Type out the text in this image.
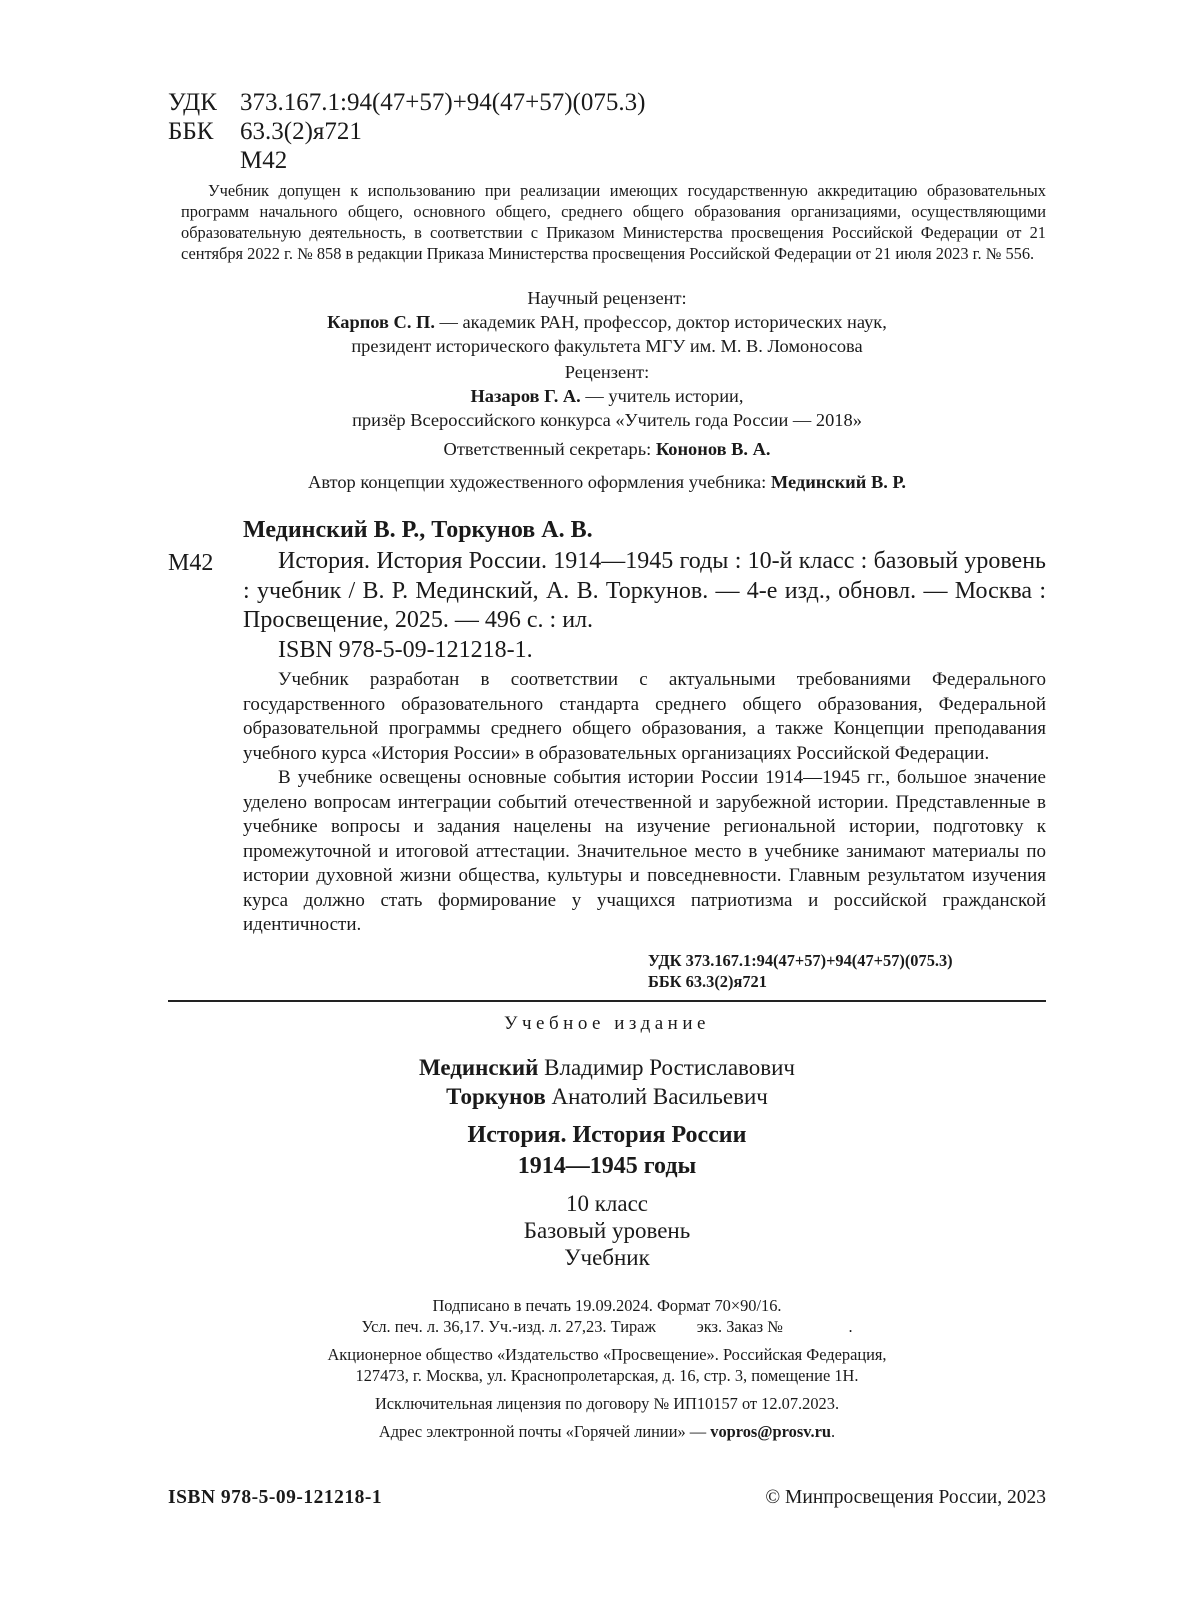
УДК 373.167.1:94(47+57)+94(47+57)(075.3)
ББК	63.3(2)я721
М42
Учебник допущен к использованию при реализации имеющих государственную аккредитацию образовательных программ начального общего, основного общего, среднего общего образования организациями, осуществляющими образовательную деятельность, в соответствии с Приказом Министерства просвещения Российской Федерации от 21 сентября 2022 г. № 858 в редакции Приказа Министерства просвещения Российской Федерации от 21 июля 2023 г. № 556.
Научный рецензент:
Карпов С. П. — академик РАН, профессор, доктор исторических наук,
президент исторического факультета МГУ им. М. В. Ломоносова
Рецензент:
Назаров Г. А. — учитель истории,
призёр Всероссийского конкурса «Учитель года России — 2018»
Ответственный секретарь: Кононов В. А.
Автор концепции художественного оформления учебника: Мединский В. Р.
Мединский В. Р., Торкунов А. В.
М42	История. История России. 1914—1945 годы : 10-й класс : базовый уровень : учебник / В. Р. Мединский, А. В. Торкунов. — 4-е изд., обновл. — Москва : Просвещение, 2025. — 496 с. : ил.

ISBN 978-5-09-121218-1.

Учебник разработан в соответствии с актуальными требованиями Федерального государственного образовательного стандарта среднего общего образования, Федеральной образовательной программы среднего общего образования, а также Концепции преподавания учебного курса «История России» в образовательных организациях Российской Федерации.

В учебнике освещены основные события истории России 1914—1945 гг., большое значение уделено вопросам интеграции событий отечественной и зарубежной истории. Представленные в учебнике вопросы и задания нацелены на изучение региональной истории, подготовку к промежуточной и итоговой аттестации. Значительное место в учебнике занимают материалы по истории духовной жизни общества, культуры и повседневности. Главным результатом изучения курса должно стать формирование у учащихся патриотизма и российской гражданской идентичности.

УДК 373.167.1:94(47+57)+94(47+57)(075.3)
ББК 63.3(2)я721
Учебное издание
Мединский Владимир Ростиславович
Торкунов Анатолий Васильевич
История. История России
1914—1945 годы
10 класс
Базовый уровень
Учебник
Подписано в печать 19.09.2024. Формат 70×90/16.
Усл. печ. л. 36,17. Уч.-изд. л. 27,23. Тираж          экз. Заказ №                .
Акционерное общество «Издательство «Просвещение». Российская Федерация,
127473, г. Москва, ул. Краснопролетарская, д. 16, стр. 3, помещение 1Н.
Исключительная лицензия по договору № ИП10157 от 12.07.2023.
Адрес электронной почты «Горячей линии» — vopros@prosv.ru.
ISBN 978-5-09-121218-1	© Минпросвещения России, 2023
